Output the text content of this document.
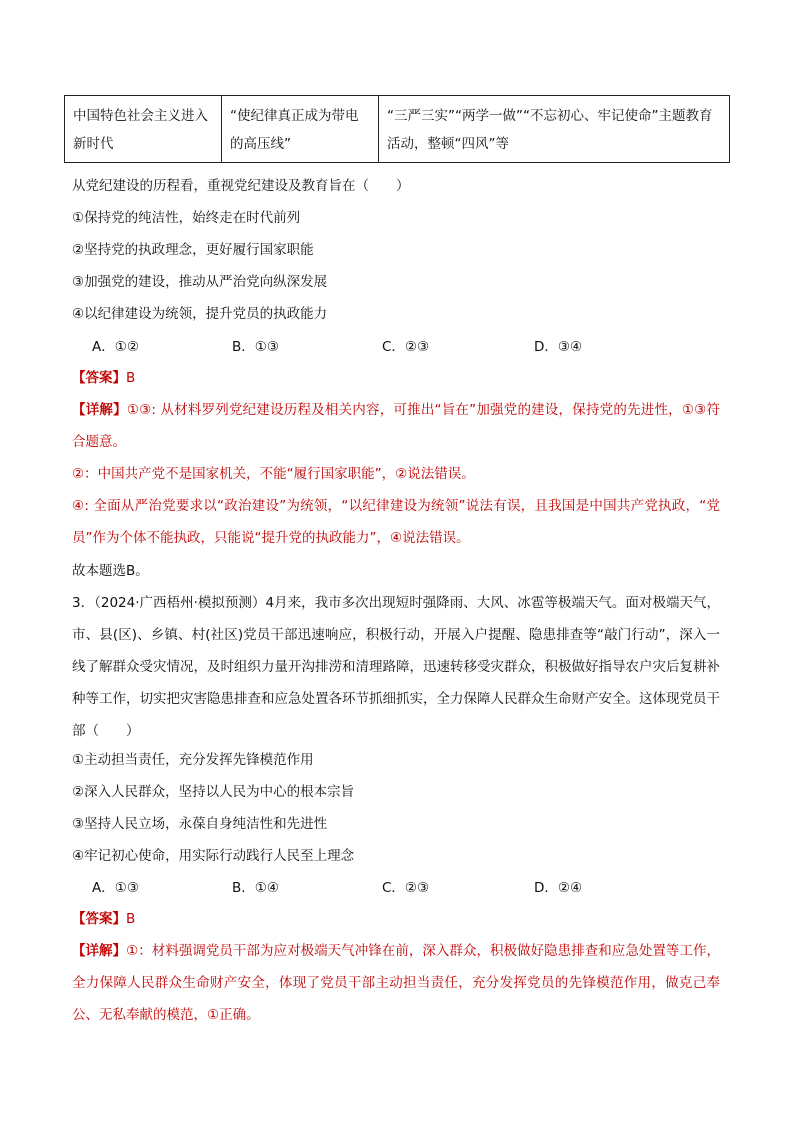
中国特色社会主义进入新时代	“使纪律真正成为带电的高压线”	“三严三实”“两学一做”“不忘初心、牢记使命”主题教育活动，整顿“四风”等
从党纪建设的历程看，重视党纪建设及教育旨在（　　）
①保持党的纯洁性，始终走在时代前列
②坚持党的执政理念，更好履行国家职能
③加强党的建设，推动从严治党向纵深发展
④以纪律建设为统领，提升党员的执政能力
A．①②	B．①③	C．②③	D．③④
【答案】B
【详解】①③: 从材料罗列党纪建设历程及相关内容，可推出“旨在”加强党的建设，保持党的先进性，①③符合题意。
②：中国共产党不是国家机关，不能“履行国家职能”，②说法错误。
④: 全面从严治党要求以“政治建设”为统领，“以纪律建设为统领”说法有误，且我国是中国共产党执政，“党员”作为个体不能执政，只能说“提升党的执政能力”，④说法错误。
故本题选B。
3．（2024·广西梧州·模拟预测）4月来，我市多次出现短时强降雨、大风、冰雹等极端天气。面对极端天气，市、县(区)、乡镇、村(社区)党员干部迅速响应，积极行动，开展入户提醒、隐患排查等“敲门行动”，深入一线了解群众受灾情况，及时组织力量开沟排涝和清理路障，迅速转移受灾群众，积极做好指导农户灾后复耕补种等工作，切实把灾害隐患排查和应急处置各环节抓细抓实，全力保障人民群众生命财产安全。这体现党员干部（　　）
①主动担当责任，充分发挥先锋模范作用
②深入人民群众，坚持以人民为中心的根本宗旨
③坚持人民立场，永葆自身纯洁性和先进性
④牢记初心使命，用实际行动践行人民至上理念
A．①③	B．①④	C．②③	D．②④
【答案】B
【详解】①：材料强调党员干部为应对极端天气冲锋在前，深入群众，积极做好隐患排查和应急处置等工作，全力保障人民群众生命财产安全，体现了党员干部主动担当责任，充分发挥党员的先锋模范作用，做克己奉公、无私奉献的模范，①正确。
